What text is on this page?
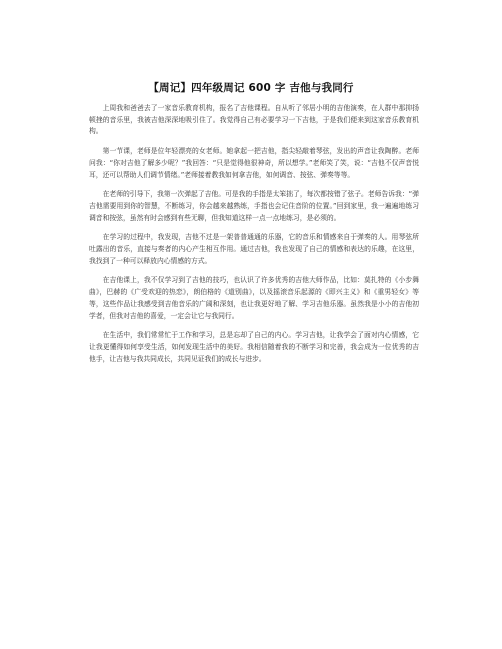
【周记】四年级周记 600 字 吉他与我同行

上周我和爸爸去了一家音乐教育机构，报名了吉他课程。自从听了邻居小明的吉他演奏，在人群中那抑扬顿挫的音乐里，我被吉他深深地吸引住了。我觉得自己有必要学习一下吉他，于是我们便来到这家音乐教育机构。

第一节课，老师是位年轻漂亮的女老师。她拿起一把吉他，指尖轻敲着琴弦，发出的声音让我陶醉。老师问我：“你对吉他了解多少呢？”我回答：“只是觉得他很神奇，所以想学。”老师笑了笑，说：“吉他不仅声音悦耳，还可以帮助人们调节情绪。”老师接着教我如何拿吉他，如何调音、按弦、弹奏等等。

在老师的引导下，我第一次弹起了吉他。可是我的手指是太笨拙了，每次都按错了弦子。老师告诉我：“弹吉他需要用到你的智慧，不断练习，你会越来越熟练，手指也会记住音阶的位置。”回到家里，我一遍遍地练习调音和按弦，虽然有时会感到有些无聊，但我知道这样一点一点地练习，是必须的。

在学习的过程中，我发现，吉他不过是一架普普通通的乐器，它的音乐和情感来自于弹奏的人。用琴弦所吐露出的音乐，直接与奏者的内心产生相互作用。通过吉他，我也发现了自己的情感和表达的乐趣，在这里，我找到了一种可以释放内心情感的方式。

在吉他课上，我不仅学习到了吉他的技巧，也认识了许多优秀的吉他大师作品，比如：莫扎特的《小步舞曲》，巴赫的《广受欢迎的热恋》，朗伯格的《道别曲》，以及摇滚音乐起源的《即兴主义》和《重男轻女》等等，这些作品让我感受到吉他音乐的广阔和深刻，也让我更好地了解、学习吉他乐器。虽然我是小小的吉他初学者，但我对吉他的喜爱，一定会让它与我同行。

在生活中，我们常常忙于工作和学习，总是忘却了自己的内心。学习吉他，让我学会了面对内心情感，它让我更懂得如何享受生活，如何发现生活中的美好。我相信随着我的不断学习和完善，我会成为一位优秀的吉他手，让吉他与我共同成长，共同见证我们的成长与进步。
